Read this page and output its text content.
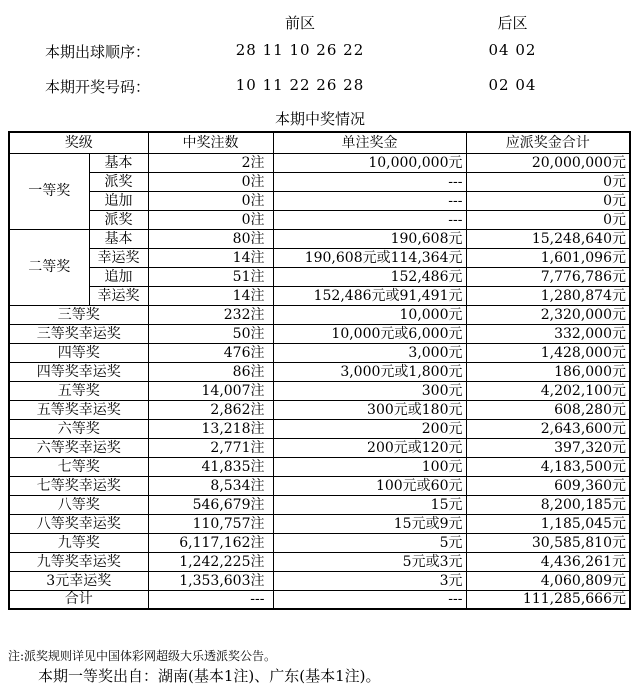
前区	后区
本期出球顺序：	28 11 10 26 22	04 02
本期开奖号码：	10 11 22 26 28	02 04
本期中奖情况
奖级		中奖注数	单注奖金	应派奖金合计
一等奖	基本	2注	10,000,000元	20,000,000元
	派奖	0注	---	0元
	追加	0注	---	0元
	派奖	0注	---	0元
二等奖	基本	80注	190,608元	15,248,640元
	幸运奖	14注	190,608元或114,364元	1,601,096元
	追加	51注	152,486元	7,776,786元
	幸运奖	14注	152,486元或91,491元	1,280,874元
三等奖		232注	10,000元	2,320,000元
三等奖幸运奖		50注	10,000元或6,000元	332,000元
四等奖		476注	3,000元	1,428,000元
四等奖幸运奖		86注	3,000元或1,800元	186,000元
五等奖		14,007注	300元	4,202,100元
五等奖幸运奖		2,862注	300元或180元	608,280元
六等奖		13,218注	200元	2,643,600元
六等奖幸运奖		2,771注	200元或120元	397,320元
七等奖		41,835注	100元	4,183,500元
七等奖幸运奖		8,534注	100元或60元	609,360元
八等奖		546,679注	15元	8,200,185元
八等奖幸运奖		110,757注	15元或9元	1,185,045元
九等奖		6,117,162注	5元	30,585,810元
九等奖幸运奖		1,242,225注	5元或3元	4,436,261元
3元幸运奖		1,353,603注	3元	4,060,809元
合计		---	---	111,285,666元
注:派奖规则详见中国体彩网超级大乐透派奖公告。
本期一等奖出自：湖南(基本1注)、广东(基本1注)。
